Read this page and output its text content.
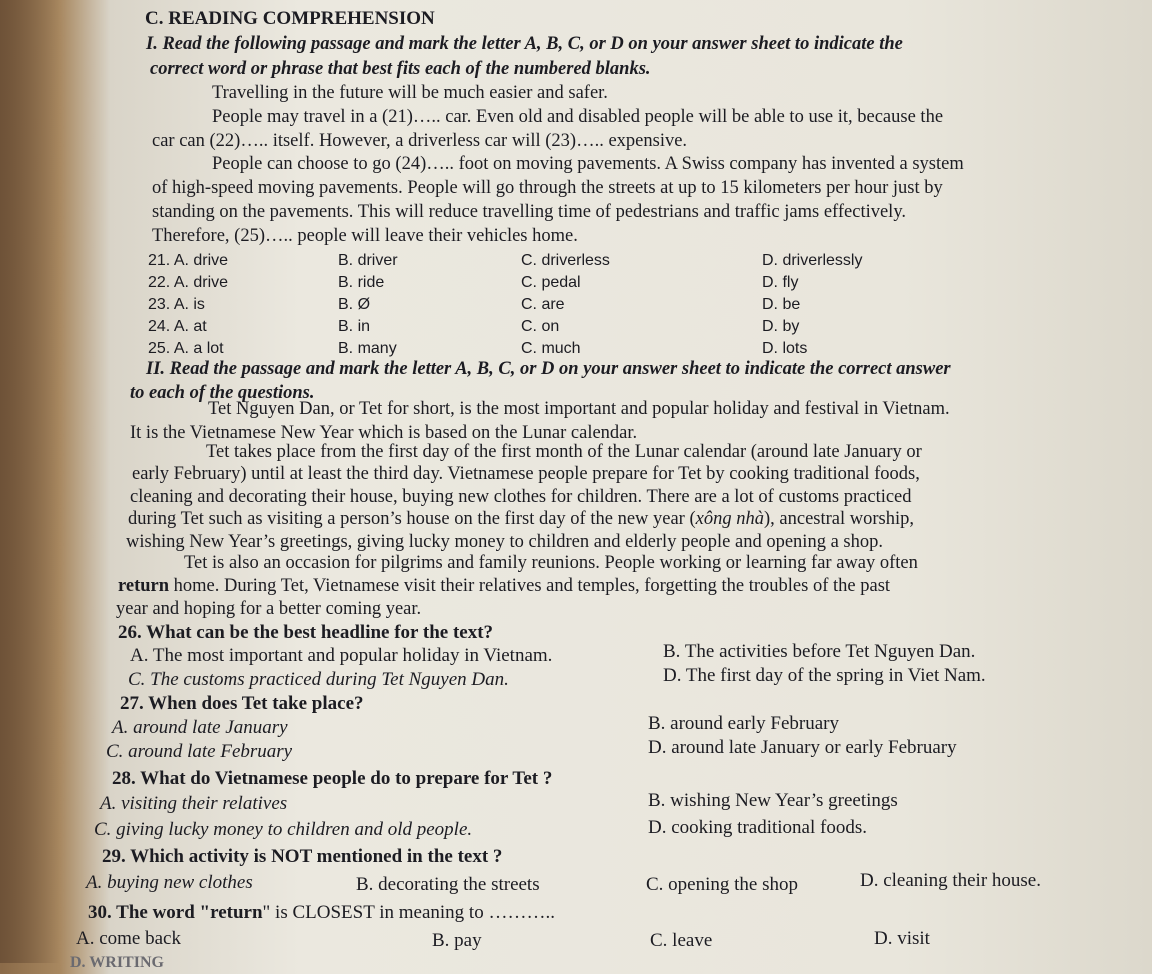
C. READING COMPREHENSION
I. Read the following passage and mark the letter A, B, C, or D on your answer sheet to indicate the
correct word or phrase that best fits each of the numbered blanks.
Travelling in the future will be much easier and safer.
People may travel in a (21)….. car. Even old and disabled people will be able to use it, because the
car can (22)….. itself. However, a driverless car will (23)….. expensive.
People can choose to go (24)….. foot on moving pavements. A Swiss company has invented a system
of high-speed moving pavements. People will go through the streets at up to 15 kilometers per hour just by
standing on the pavements. This will reduce travelling time of pedestrians and traffic jams effectively.
Therefore, (25)….. people will leave their vehicles home.
21. A. drive	B. driver	C. driverless	D. driverlessly
22. A. drive	B. ride	C. pedal	D. fly
23. A. is	B. Ø	C. are	D. be
24. A. at	B. in	C. on	D. by
25. A. a lot	B. many	C. much	D. lots
II. Read the passage and mark the letter A, B, C, or D on your answer sheet to indicate the correct answer
to each of the questions.
Tet Nguyen Dan, or Tet for short, is the most important and popular holiday and festival in Vietnam.
It is the Vietnamese New Year which is based on the Lunar calendar.
Tet takes place from the first day of the first month of the Lunar calendar (around late January or
early February) until at least the third day. Vietnamese people prepare for Tet by cooking traditional foods,
cleaning and decorating their house, buying new clothes for children. There are a lot of customs practiced
during Tet such as visiting a person’s house on the first day of the new year (xông nhà), ancestral worship,
wishing New Year’s greetings, giving lucky money to children and elderly people and opening a shop.
Tet is also an occasion for pilgrims and family reunions. People working or learning far away often
return home. During Tet, Vietnamese visit their relatives and temples, forgetting the troubles of the past
year and hoping for a better coming year.
26. What can be the best headline for the text?
A. The most important and popular holiday in Vietnam.	B. The activities before Tet Nguyen Dan.
C. The customs practiced during Tet Nguyen Dan.	D. The first day of the spring in Viet Nam.
27. When does Tet take place?
A. around late January	B. around early February
C. around late February	D. around late January or early February
28. What do Vietnamese people do to prepare for Tet ?
A. visiting their relatives	B. wishing New Year’s greetings
C. giving lucky money to children and old people.	D. cooking traditional foods.
29. Which activity is NOT mentioned in the text ?
A. buying new clothes	B. decorating the streets	C. opening the shop	D. cleaning their house.
30. The word "return" is CLOSEST in meaning to ………..
A. come back	B. pay	C. leave	D. visit
D. WRITING
